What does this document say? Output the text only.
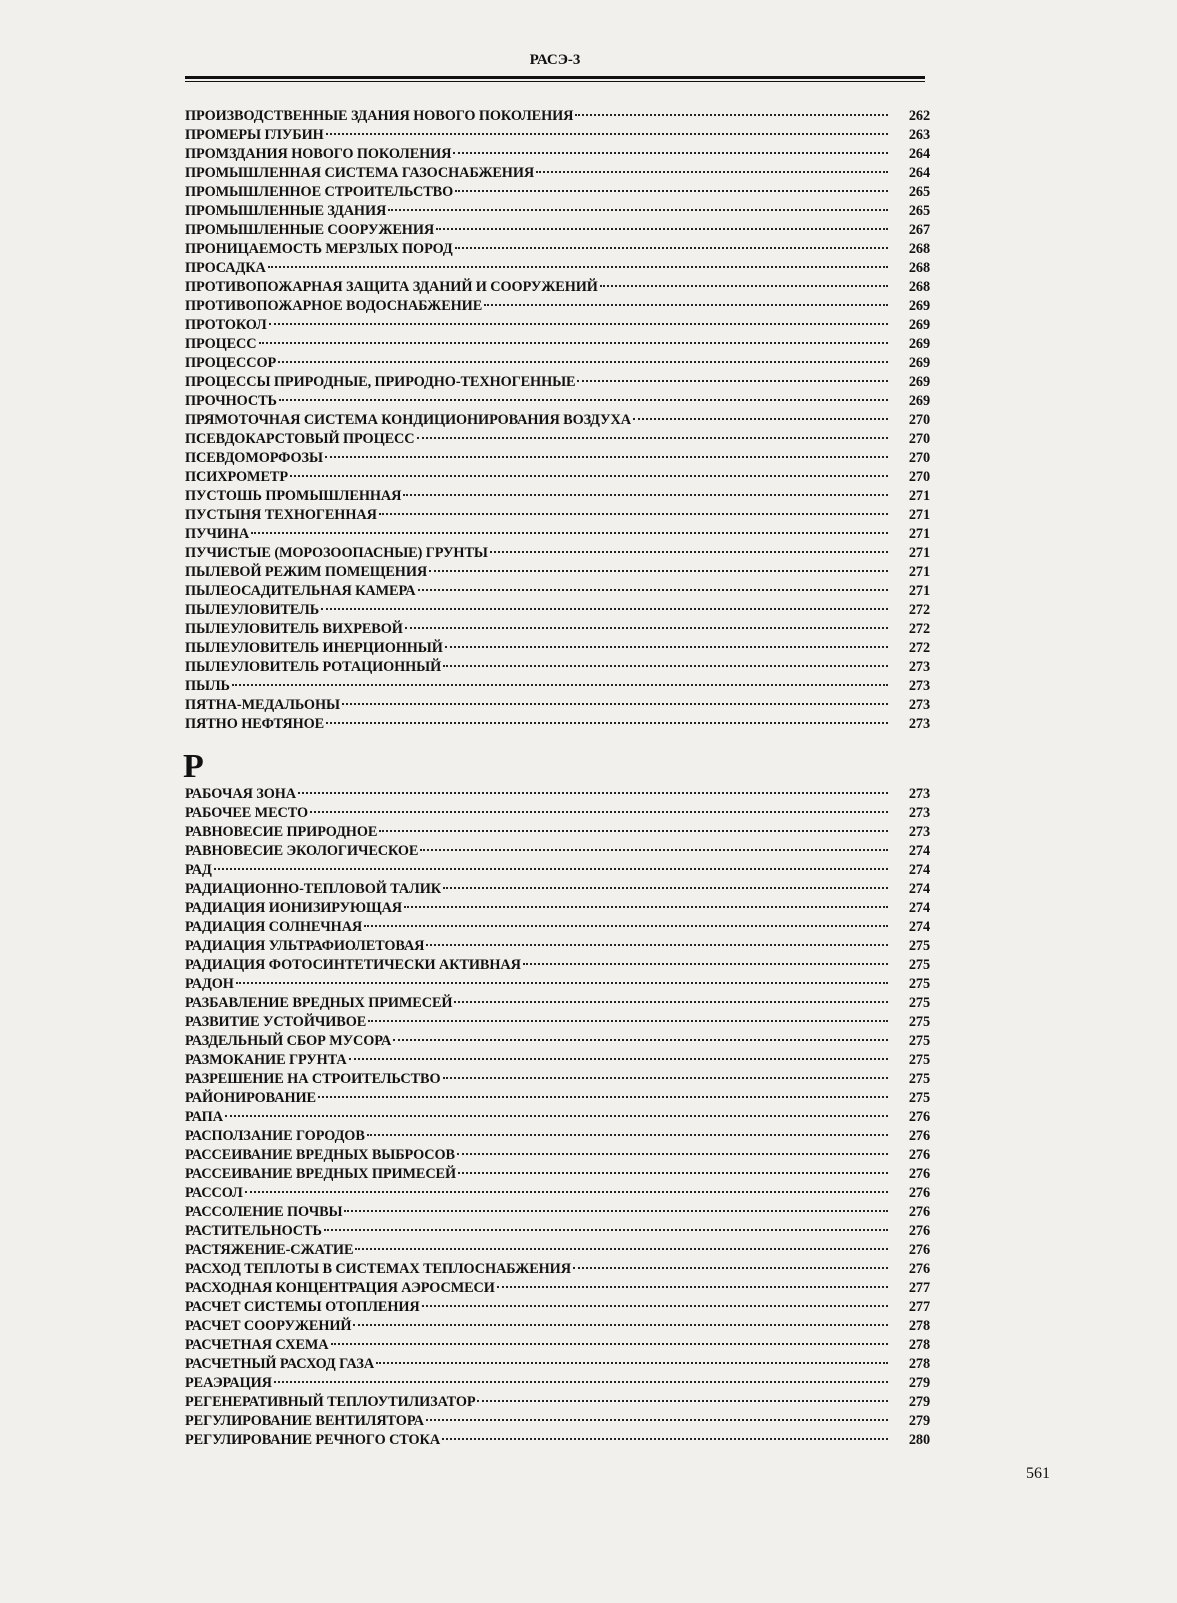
РАСЭ-3
ПРОИЗВОДСТВЕННЫЕ ЗДАНИЯ НОВОГО ПОКОЛЕНИЯ	262
ПРОМЕРЫ ГЛУБИН	263
ПРОМЗДАНИЯ НОВОГО ПОКОЛЕНИЯ	264
ПРОМЫШЛЕННАЯ СИСТЕМА ГАЗОСНАБЖЕНИЯ	264
ПРОМЫШЛЕННОЕ СТРОИТЕЛЬСТВО	265
ПРОМЫШЛЕННЫЕ ЗДАНИЯ	265
ПРОМЫШЛЕННЫЕ СООРУЖЕНИЯ	267
ПРОНИЦАЕМОСТЬ МЕРЗЛЫХ ПОРОД	268
ПРОСАДКА	268
ПРОТИВОПОЖАРНАЯ ЗАЩИТА ЗДАНИЙ И СООРУЖЕНИЙ	268
ПРОТИВОПОЖАРНОЕ ВОДОСНАБЖЕНИЕ	269
ПРОТОКОЛ	269
ПРОЦЕСС	269
ПРОЦЕССОР	269
ПРОЦЕССЫ ПРИРОДНЫЕ, ПРИРОДНО-ТЕХНОГЕННЫЕ	269
ПРОЧНОСТЬ	269
ПРЯМОТОЧНАЯ СИСТЕМА КОНДИЦИОНИРОВАНИЯ ВОЗДУХА	270
ПСЕВДОКАРСТОВЫЙ ПРОЦЕСС	270
ПСЕВДОМОРФОЗЫ	270
ПСИХРОМЕТР	270
ПУСТОШЬ ПРОМЫШЛЕННАЯ	271
ПУСТЫНЯ ТЕХНОГЕННАЯ	271
ПУЧИНА	271
ПУЧИСТЫЕ (МОРОЗООПАСНЫЕ) ГРУНТЫ	271
ПЫЛЕВОЙ РЕЖИМ ПОМЕЩЕНИЯ	271
ПЫЛЕОСАДИТЕЛЬНАЯ КАМЕРА	271
ПЫЛЕУЛОВИТЕЛЬ	272
ПЫЛЕУЛОВИТЕЛЬ ВИХРЕВОЙ	272
ПЫЛЕУЛОВИТЕЛЬ ИНЕРЦИОННЫЙ	272
ПЫЛЕУЛОВИТЕЛЬ РОТАЦИОННЫЙ	273
ПЫЛЬ	273
ПЯТНА-МЕДАЛЬОНЫ	273
ПЯТНО НЕФТЯНОЕ	273
Р
РАБОЧАЯ ЗОНА	273
РАБОЧЕЕ МЕСТО	273
РАВНОВЕСИЕ ПРИРОДНОЕ	273
РАВНОВЕСИЕ ЭКОЛОГИЧЕСКОЕ	274
РАД	274
РАДИАЦИОННО-ТЕПЛОВОЙ ТАЛИК	274
РАДИАЦИЯ ИОНИЗИРУЮЩАЯ	274
РАДИАЦИЯ СОЛНЕЧНАЯ	274
РАДИАЦИЯ УЛЬТРАФИОЛЕТОВАЯ	275
РАДИАЦИЯ ФОТОСИНТЕТИЧЕСКИ АКТИВНАЯ	275
РАДОН	275
РАЗБАВЛЕНИЕ ВРЕДНЫХ ПРИМЕСЕЙ	275
РАЗВИТИЕ УСТОЙЧИВОЕ	275
РАЗДЕЛЬНЫЙ СБОР МУСОРА	275
РАЗМОКАНИЕ ГРУНТА	275
РАЗРЕШЕНИЕ НА СТРОИТЕЛЬСТВО	275
РАЙОНИРОВАНИЕ	275
РАПА	276
РАСПОЛЗАНИЕ ГОРОДОВ	276
РАССЕИВАНИЕ ВРЕДНЫХ ВЫБРОСОВ	276
РАССЕИВАНИЕ ВРЕДНЫХ ПРИМЕСЕЙ	276
РАССОЛ	276
РАССОЛЕНИЕ ПОЧВЫ	276
РАСТИТЕЛЬНОСТЬ	276
РАСТЯЖЕНИЕ-СЖАТИЕ	276
РАСХОД ТЕПЛОТЫ В СИСТЕМАХ ТЕПЛОСНАБЖЕНИЯ	276
РАСХОДНАЯ КОНЦЕНТРАЦИЯ АЭРОСМЕСИ	277
РАСЧЕТ СИСТЕМЫ ОТОПЛЕНИЯ	277
РАСЧЕТ СООРУЖЕНИЙ	278
РАСЧЕТНАЯ СХЕМА	278
РАСЧЕТНЫЙ РАСХОД ГАЗА	278
РЕАЭРАЦИЯ	279
РЕГЕНЕРАТИВНЫЙ ТЕПЛОУТИЛИЗАТОР	279
РЕГУЛИРОВАНИЕ ВЕНТИЛЯТОРА	279
РЕГУЛИРОВАНИЕ РЕЧНОГО СТОКА	280
561
